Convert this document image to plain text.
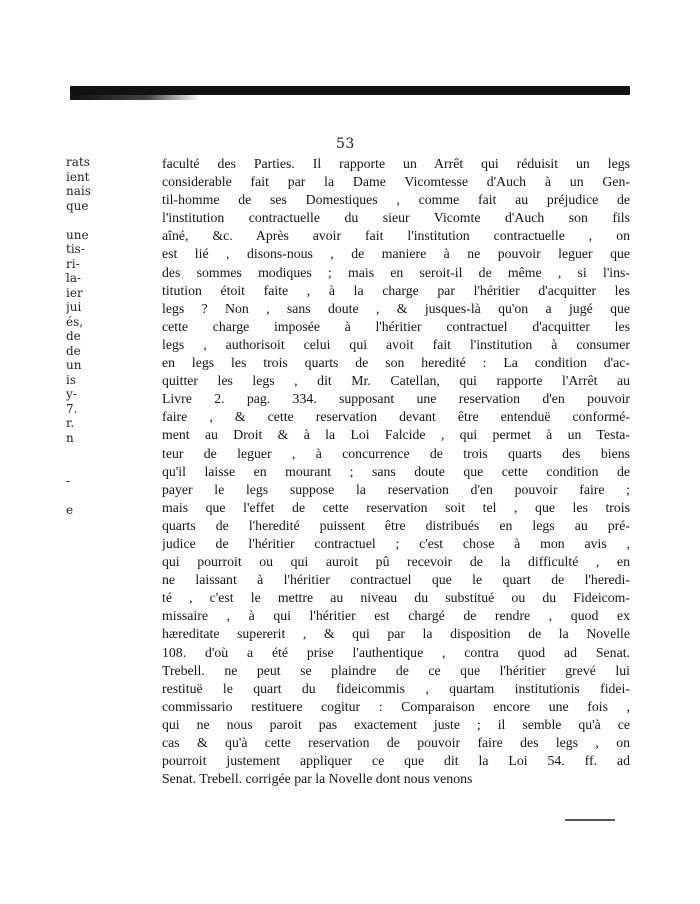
53
rats
ient
nais
que
une
tis-
ri-
la-
ier
jui
és,
de
de
un
is
y-
7.
r.
n
-
e
faculté des Parties. Il rapporte un Arrêt qui réduisit un legs
considerable fait par la Dame Vicomtesse d'Auch à un Gen-
til-homme de ses Domestiques , comme fait au préjudice de
l'institution contractuelle du sieur Vicomte d'Auch son fils
aîné, &c. Après avoir fait l'institution contractuelle , on
est lié , disons-nous , de maniere à ne pouvoir leguer que
des sommes modiques ; mais en seroit-il de même , si l'ins-
titution étoit faite , à la charge par l'héritier d'acquitter les
legs ? Non , sans doute , & jusques-là qu'on a jugé que
cette charge imposée à l'héritier contractuel d'acquitter les
legs , authorisoit celui qui avoit fait l'institution à consumer
en legs les trois quarts de son heredité : La condition d'ac-
quitter les legs , dit Mr. Catellan, qui rapporte l'Arrêt au
Livre 2. pag. 334. supposant une reservation d'en pouvoir
faire , & cette reservation devant être entenduë conformé-
ment au Droit & à la Loi Falcide , qui permet à un Testa-
teur de leguer , à concurrence de trois quarts des biens
qu'il laisse en mourant ; sans doute que cette condition de
payer le legs suppose la reservation d'en pouvoir faire ;
mais que l'effet de cette reservation soit tel , que les trois
quarts de l'heredité puissent être distribués en legs au pré-
judice de l'héritier contractuel ; c'est chose à mon avis ,
qui pourroit ou qui auroit pû recevoir de la difficulté , en
ne laissant à l'héritier contractuel que le quart de l'heredi-
té , c'est le mettre au niveau du substitué ou du Fideicom-
missaire , à qui l'héritier est chargé de rendre , quod ex
hæreditate supererit , & qui par la disposition de la Novelle
108. d'où a été prise l'authentique , contra quod ad Senat.
Trebell. ne peut se plaindre de ce que l'héritier grevé lui
restituë le quart du fideicommis , quartam institutionis fidei-
commissario restituere cogitur : Comparaison encore une fois ,
qui ne nous paroit pas exactement juste ; il semble qu'à ce
cas & qu'à cette reservation de pouvoir faire des legs , on
pourroit justement appliquer ce que dit la Loi 54. ff. ad
Senat. Trebell. corrigée par la Novelle dont nous venons
